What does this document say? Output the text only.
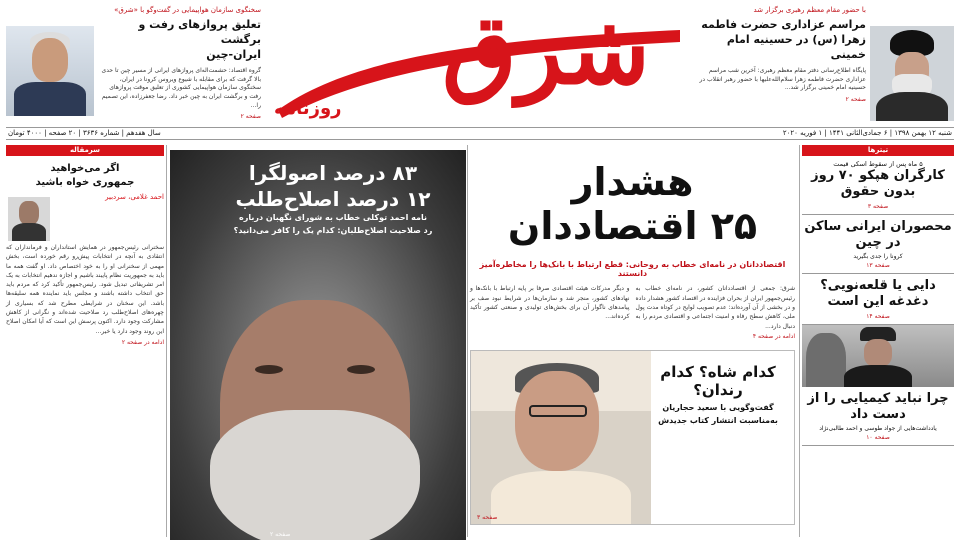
سخنگوی سازمان هواپیمایی در گفت‌وگو با «شرق»
تعلیق پروازهای رفت و برگشت
ایران-چین
گروه اقتصاد: حشمت‌اله‌ای پروازهای ایرانی از مسیر چین تا حدی بالا گرفت که برای مقابله با شیوع ویروس کرونا در ایران، سخنگوی سازمان هواپیمایی کشوری از تعلیق موقت پروازهای رفت و برگشت ایران به چین خبر داد. رضا جعفرزاده، این تصمیم را...
صفحه ۲
شرق
روزنامه
با حضور مقام معظم رهبری برگزار شد
مراسم عزاداری حضرت فاطمه
زهرا (س) در حسینیه امام خمینی
پایگاه اطلاع‌رسانی دفتر مقام معظم رهبری: آخرین شب مراسم عزاداری حضرت فاطمه زهرا سلام‌الله‌علیها با حضور رهبر انقلاب در حسینیه امام خمینی برگزار شد...
صفحه ۲
شنبه ۱۲ بهمن ۱۳۹۸ | ۶ جمادی‌الثانی ۱۴۴۱ | ۱ فوریه ۲۰۲۰
سال هفدهم | شماره ۳۶۳۶ | ۲۰ صفحه | ۴۰۰۰ تومان
تیترها
۵ ماه پس از سقوط اسکی قیمت
کارگران هپکو ۷۰ روز بدون حقوق
صفحه ۳
محصوران ایرانی ساکن در چین
کرونا را جدی بگیرید
صفحه ۱۳
دایی یا قلعه‌نویی؟ دغدغه این است
صفحه ۱۴
چرا نباید کیمیایی را از دست داد
یادداشت‌هایی از جواد طوسی و احمد طالبی‌نژاد
صفحه ۱۰
هشدار
۲۵ اقتصاددان
اقتصاددانان در نامه‌ای خطاب به روحانی: قطع ارتباط با بانک‌ها را مخاطره‌آمیز دانستند
شرق: جمعی از اقتصاددانان کشور، در نامه‌ای خطاب به رئیس‌جمهور ایران از بحران فزاینده در اقتصاد کشور هشدار داده و در بخشی از آن آورده‌اند: عدم تصویب لوایح در کوتاه مدت پول ملی، کاهش سطح رفاه و امنیت اجتماعی و اقتصادی مردم را به دنبال دارد...
و دیگر مدرکات هیئت اقتصادی صرفا بر پایه ارتباط با بانک‌ها و نهادهای کشور، منجر شد و سازمان‌ها در شرایط نبود صف بر پیامدهای ناگوار آن برای بخش‌های تولیدی و صنعتی کشور تأکید کرده‌اند...
ادامه در صفحه ۴
کدام شاه؟ کدام رندان؟
گفت‌وگویی با سعید حجاریان
به‌مناسبت انتشار کتاب جدیدش
صفحه ۳
۸۳ درصد اصولگرا
۱۲ درصد اصلاح‌طلب
نامه احمد توکلی خطاب به شورای نگهبان درباره
رد صلاحیت اصلاح‌طلبان: کدام یک را کافر می‌دانید؟
صفحه ۲
سرمقاله
اگر می‌خواهید
جمهوری خواه باشید
احمد غلامی، سردبیر
سخنرانی رئیس‌جمهور در همایش استانداران و فرمانداران که انتقادی به آنچه در انتخابات پیش‌رو رقم خورده است، بخش مهمی از سخنرانی او را به خود اختصاص داد. او گفت همه ما باید به جمهوریت نظام پایبند باشیم و اجازه ندهیم انتخابات به یک امر تشریفاتی تبدیل شود. رئیس‌جمهور تأکید کرد که مردم باید حق انتخاب داشته باشند و مجلس باید نماینده همه سلیقه‌ها باشد. این سخنان در شرایطی مطرح شد که بسیاری از چهره‌های اصلاح‌طلب رد صلاحیت شده‌اند و نگرانی از کاهش مشارکت وجود دارد. اکنون پرسش این است که آیا امکان اصلاح این روند وجود دارد یا خیر...
ادامه در صفحه ۲
